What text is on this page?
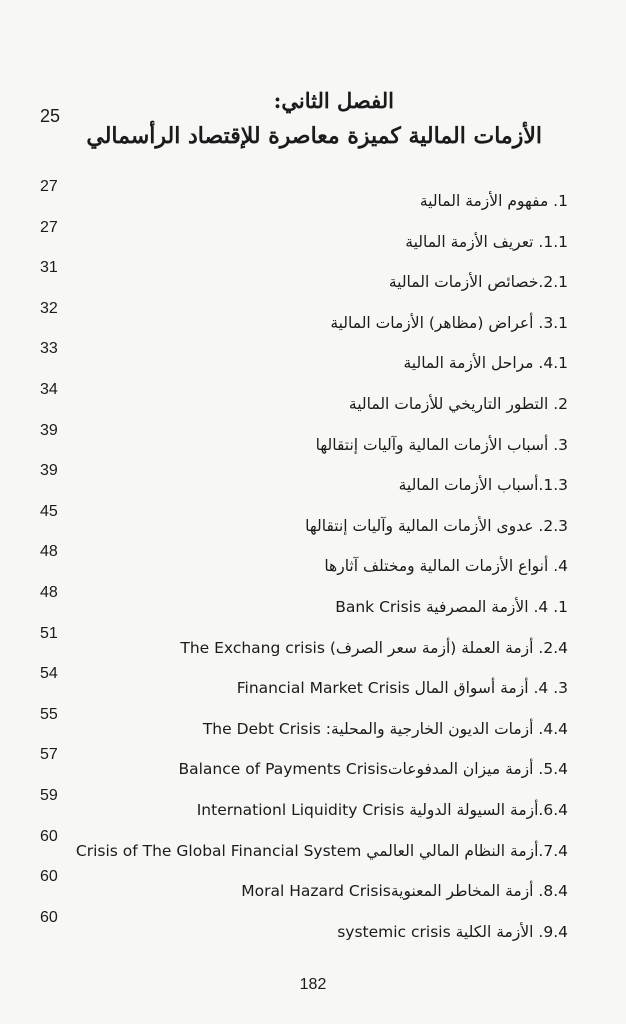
الفصل الثاني:
الأزمات المالية كميزة معاصرة للإقتصاد الرأسمالي
25
27
1. مفهوم الأزمة المالية
27
1.1. تعريف الأزمة المالية
31
2.1.خصائص الأزمات المالية
32
3.1. أعراض (مظاهر) الأزمات المالية
33
4.1. مراحل الأزمة المالية
34
2. التطور التاريخي للأزمات المالية
39
3. أسباب الأزمات المالية وآليات إنتقالها
39
1.3.أسباب الأزمات المالية
45
2.3. عدوى الأزمات المالية وآليات إنتقالها
48
4. أنواع الأزمات المالية ومختلف آثارها
48
1. 4. الأزمة المصرفية Bank Crisis
51
2.4. أزمة العملة (أزمة سعر الصرف) The Exchang crisis
54
3. 4. أزمة أسواق المال Financial Market Crisis
55
4.4. أزمات الديون الخارجية والمحلية: The Debt Crisis
57
5.4. أزمة ميزان المدفوعاتBalance of Payments Crisis
59
6.4.أزمة السيولة الدولية Internationl Liquidity Crisis
60
7.4.أزمة النظام المالي العالمي Crisis of The Global Financial System
60
8.4. أزمة المخاطر المعنويةMoral Hazard Crisis
60
9.4. الأزمة الكلية systemic crisis
182
